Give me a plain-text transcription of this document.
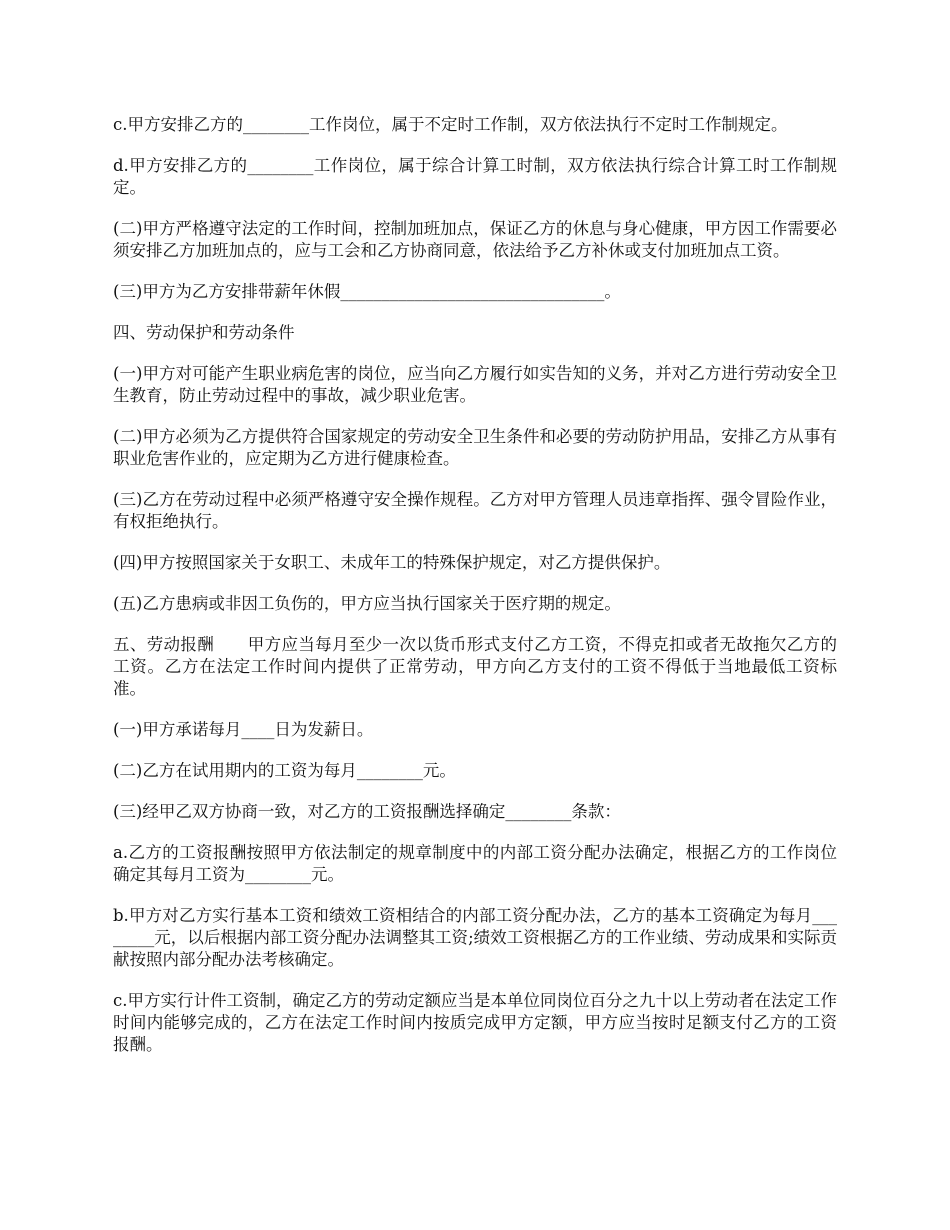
c.甲方安排乙方的________工作岗位，属于不定时工作制，双方依法执行不定时工作制规定。

d.甲方安排乙方的________工作岗位，属于综合计算工时制，双方依法执行综合计算工时工作制规定。

(二)甲方严格遵守法定的工作时间，控制加班加点，保证乙方的休息与身心健康，甲方因工作需要必须安排乙方加班加点的，应与工会和乙方协商同意，依法给予乙方补休或支付加班加点工资。

(三)甲方为乙方安排带薪年休假________________________________。

四、劳动保护和劳动条件

(一)甲方对可能产生职业病危害的岗位，应当向乙方履行如实告知的义务，并对乙方进行劳动安全卫生教育，防止劳动过程中的事故，减少职业危害。

(二)甲方必须为乙方提供符合国家规定的劳动安全卫生条件和必要的劳动防护用品，安排乙方从事有职业危害作业的，应定期为乙方进行健康检查。

(三)乙方在劳动过程中必须严格遵守安全操作规程。乙方对甲方管理人员违章指挥、强令冒险作业，有权拒绝执行。

(四)甲方按照国家关于女职工、未成年工的特殊保护规定，对乙方提供保护。

(五)乙方患病或非因工负伤的，甲方应当执行国家关于医疗期的规定。

五、劳动报酬　　甲方应当每月至少一次以货币形式支付乙方工资，不得克扣或者无故拖欠乙方的工资。乙方在法定工作时间内提供了正常劳动，甲方向乙方支付的工资不得低于当地最低工资标准。

(一)甲方承诺每月____日为发薪日。

(二)乙方在试用期内的工资为每月________元。

(三)经甲乙双方协商一致，对乙方的工资报酬选择确定________条款：

a.乙方的工资报酬按照甲方依法制定的规章制度中的内部工资分配办法确定，根据乙方的工作岗位确定其每月工资为________元。

b.甲方对乙方实行基本工资和绩效工资相结合的内部工资分配办法，乙方的基本工资确定为每月________元，以后根据内部工资分配办法调整其工资;绩效工资根据乙方的工作业绩、劳动成果和实际贡献按照内部分配办法考核确定。

c.甲方实行计件工资制，确定乙方的劳动定额应当是本单位同岗位百分之九十以上劳动者在法定工作时间内能够完成的，乙方在法定工作时间内按质完成甲方定额，甲方应当按时足额支付乙方的工资报酬。
